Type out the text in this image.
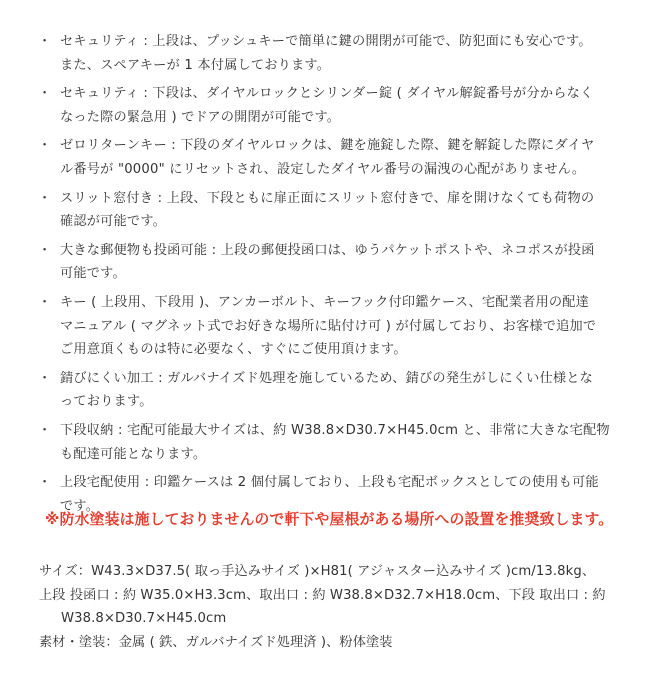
・ セキュリティ : 上段は、プッシュキーで簡単に鍵の開閉が可能で、防犯面にも安心です。
また、スペアキーが 1 本付属しております。
・ セキュリティ : 下段は、ダイヤルロックとシリンダー錠 ( ダイヤル解錠番号が分からなく
なった際の緊急用 ) でドアの開閉が可能です。
・ ゼロリターンキー : 下段のダイヤルロックは、鍵を施錠した際、鍵を解錠した際にダイヤ
ル番号が "0000" にリセットされ、設定したダイヤル番号の漏洩の心配がありません。
・ スリット窓付き : 上段、下段ともに扉正面にスリット窓付きで、扉を開けなくても荷物の
確認が可能です。
・ 大きな郵便物も投函可能 : 上段の郵便投函口は、ゆうパケットポストや、ネコポスが投函
可能です。
・ キー ( 上段用、下段用 )、アンカーボルト、キーフック付印鑑ケース、宅配業者用の配達
マニュアル ( マグネット式でお好きな場所に貼付け可 ) が付属しており、お客様で追加で
ご用意頂くものは特に必要なく、すぐにご使用頂けます。
・ 錆びにくい加工 : ガルバナイズド処理を施しているため、錆びの発生がしにくい仕様とな
っております。
・ 下段収納 : 宅配可能最大サイズは、約 W38.8×D30.7×H45.0cm と、非常に大きな宅配物
も配達可能となります。
・ 上段宅配使用 : 印鑑ケースは 2 個付属しており、上段も宅配ボックスとしての使用も可能
です。
※防水塗装は施しておりませんので軒下や屋根がある場所への設置を推奨致します。
サイズ：W43.3×D37.5( 取っ手込みサイズ )×H81( アジャスター込みサイズ )cm/13.8kg、
上段 投函口 : 約 W35.0×H3.3cm、取出口 : 約 W38.8×D32.7×H18.0cm、下段 取出口 : 約
W38.8×D30.7×H45.0cm
素材・塗装：金属 ( 鉄、ガルバナイズド処理済 )、粉体塗装
